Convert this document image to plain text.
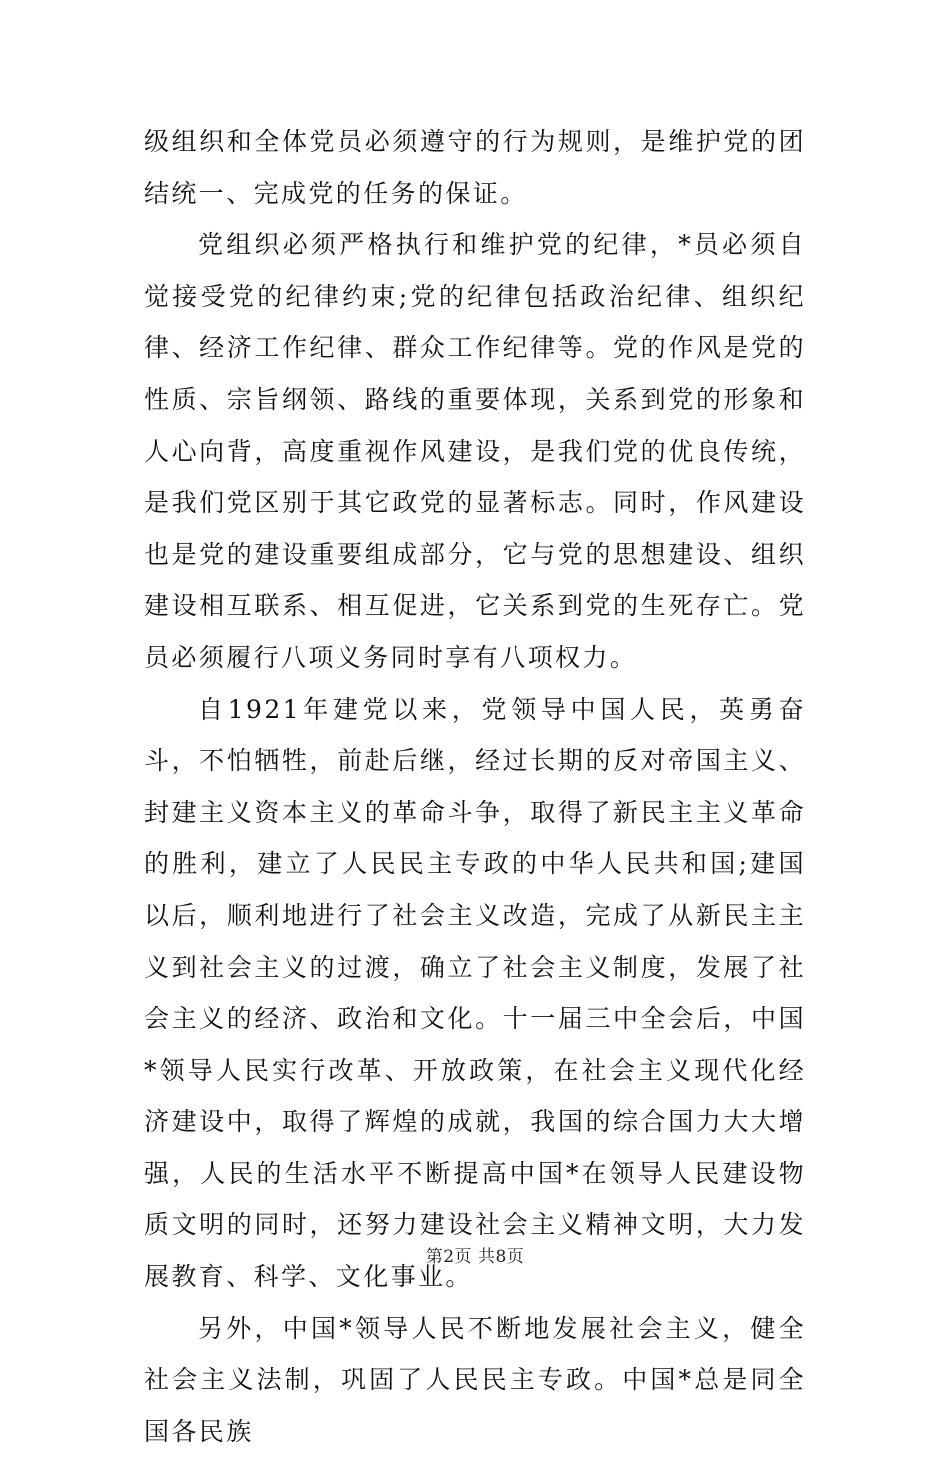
级组织和全体党员必须遵守的行为规则，是维护党的团结统一、完成党的任务的保证。

党组织必须严格执行和维护党的纪律，*员必须自觉接受党的纪律约束;党的纪律包括政治纪律、组织纪律、经济工作纪律、群众工作纪律等。党的作风是党的性质、宗旨纲领、路线的重要体现，关系到党的形象和人心向背，高度重视作风建设，是我们党的优良传统，是我们党区别于其它政党的显著标志。同时，作风建设也是党的建设重要组成部分，它与党的思想建设、组织建设相互联系、相互促进，它关系到党的生死存亡。党员必须履行八项义务同时享有八项权力。

自1921年建党以来，党领导中国人民，英勇奋斗，不怕牺牲，前赴后继，经过长期的反对帝国主义、封建主义资本主义的革命斗争，取得了新民主主义革命的胜利，建立了人民民主专政的中华人民共和国;建国以后，顺利地进行了社会主义改造，完成了从新民主主义到社会主义的过渡，确立了社会主义制度，发展了社会主义的经济、政治和文化。十一届三中全会后，中国*领导人民实行改革、开放政策，在社会主义现代化经济建设中，取得了辉煌的成就，我国的综合国力大大增强，人民的生活水平不断提高中国*在领导人民建设物质文明的同时，还努力建设社会主义精神文明，大力发展教育、科学、文化事业。

另外，中国*领导人民不断地发展社会主义，健全社会主义法制，巩固了人民民主专政。中国*总是同全国各民族

第2页 共8页
